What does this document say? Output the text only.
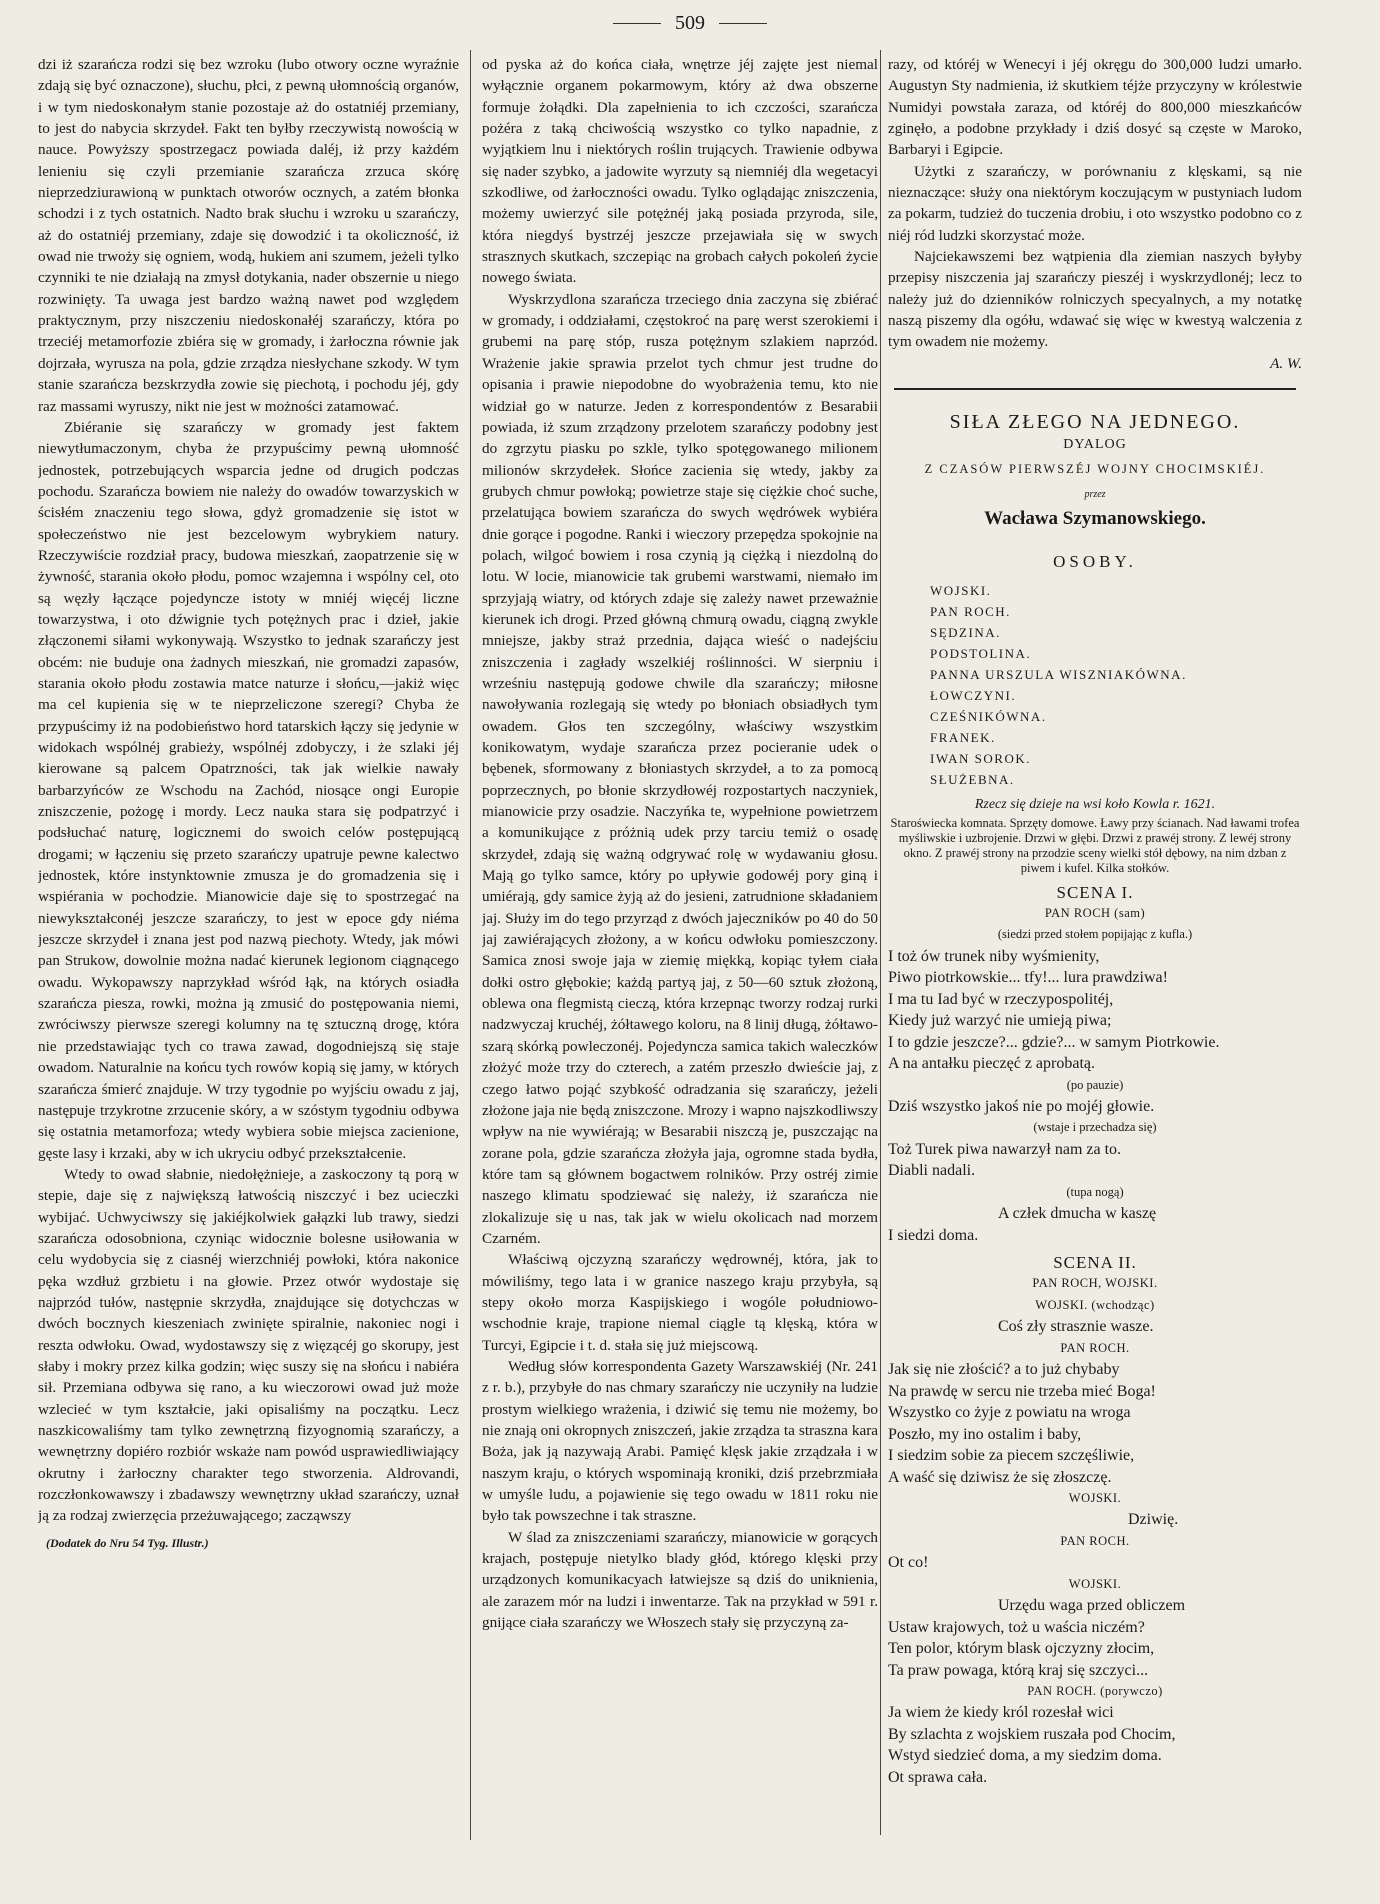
509

dzi iż szarańcza rodzi się bez wzroku (lubo otwory oczne wyraźnie zdają się być oznaczone), słuchu, płci, z pewną ułomnością organów, i w tym niedoskonałym stanie pozostaje aż do ostatniéj przemiany, to jest do nabycia skrzydeł. Fakt ten byłby rzeczywistą nowością w nauce. Powyższy spostrzegacz powiada daléj, iż przy każdém lenieniu się czyli przemianie szarańcza zrzuca skórę nieprzedziurawioną w punktach otworów ocznych, a zatém błonka schodzi i z tych ostatnich. Nadto brak słuchu i wzroku u szarańczy, aż do ostatniéj przemiany, zdaje się dowodzić i ta okoliczność, iż owad nie trwoży się ogniem, wodą, hukiem ani szumem, jeżeli tylko czynniki te nie działają na zmysł dotykania, nader obszernie u niego rozwinięty. Ta uwaga jest bardzo ważną nawet pod względem praktycznym, przy niszczeniu niedoskonałéj szarańczy, która po trzeciéj metamorfozie zbiéra się w gromady, i żarłoczna równie jak dojrzała, wyrusza na pola, gdzie zrządza niesłychane szkody. W tym stanie szarańcza bezskrzydła zowie się piechotą, i pochodu jéj, gdy raz massami wyruszy, nikt nie jest w możności zatamować.

Zbiéranie się szarańczy w gromady jest faktem niewytłumaczonym, chyba że przypuścimy pewną ułomność jednostek, potrzebujących wsparcia jedne od drugich podczas pochodu. Szarańcza bowiem nie należy do owadów towarzyskich w ścisłém znaczeniu tego słowa, gdyż gromadzenie się istot w społeczeństwo nie jest bezcelowym wybrykiem natury. Rzeczywiście rozdział pracy, budowa mieszkań, zaopatrzenie się w żywność, starania około płodu, pomoc wzajemna i wspólny cel, oto są węzły łączące pojedyncze istoty w mniéj więcéj liczne towarzystwa, i oto dźwignie tych potężnych prac i dzieł, jakie złączonemi siłami wykonywają. Wszystko to jednak szarańczy jest obcém: nie buduje ona żadnych mieszkań, nie gromadzi zapasów, starania około płodu zostawia matce naturze i słońcu,—jakiż więc ma cel kupienia się w te nieprzeliczone szeregi? Chyba że przypuścimy iż na podobieństwo hord tatarskich łączy się jedynie w widokach wspólnéj grabieży, wspólnéj zdobyczy, i że szlaki jéj kierowane są palcem Opatrzności, tak jak wielkie nawały barbarzyńców ze Wschodu na Zachód, niosące ongi Europie zniszczenie, pożogę i mordy. Lecz nauka stara się podpatrzyć i podsłuchać naturę, logicznemi do swoich celów postępującą drogami; w łączeniu się przeto szarańczy upatruje pewne kalectwo jednostek, które instynktownie zmusza je do gromadzenia się i wspiérania w pochodzie. Mianowicie daje się to spostrzegać na niewykształconéj jeszcze szarańczy, to jest w epoce gdy niéma jeszcze skrzydeł i znana jest pod nazwą piechoty. Wtedy, jak mówi pan Strukow, dowolnie można nadać kierunek legionom ciągnącego owadu. Wykopawszy naprzykład wśród łąk, na których osiadła szarańcza piesza, rowki, można ją zmusić do postępowania niemi, zwróciwszy pierwsze szeregi kolumny na tę sztuczną drogę, która nie przedstawiając tych co trawa zawad, dogodniejszą się staje owadom. Naturalnie na końcu tych rowów kopią się jamy, w których szarańcza śmierć znajduje. W trzy tygodnie po wyjściu owadu z jaj, następuje trzykrotne zrzucenie skóry, a w szóstym tygodniu odbywa się ostatnia metamorfoza; wtedy wybiera sobie miejsca zacienione, gęste lasy i krzaki, aby w ich ukryciu odbyć przekształcenie.

Wtedy to owad słabnie, niedołężnieje, a zaskoczony tą porą w stepie, daje się z największą łatwością niszczyć i bez ucieczki wybijać. Uchwyciwszy się jakiéjkolwiek gałązki lub trawy, siedzi szarańcza odosobniona, czyniąc widocznie bolesne usiłowania w celu wydobycia się z ciasnéj wierzchniéj powłoki, która nakonice pęka wzdłuż grzbietu i na głowie. Przez otwór wydostaje się najprzód tułów, następnie skrzydła, znajdujące się dotychczas w dwóch bocznych kieszeniach zwinięte spiralnie, nakoniec nogi i reszta odwłoku. Owad, wydostawszy się z więzącéj go skorupy, jest słaby i mokry przez kilka godzin; więc suszy się na słońcu i nabiéra sił. Przemiana odbywa się rano, a ku wieczorowi owad już może wzlecieć w tym kształcie, jaki opisaliśmy na początku. Lecz naszkicowaliśmy tam tylko zewnętrzną fizyognomią szarańczy, a wewnętrzny dopiéro rozbiór wskaże nam powód usprawiedliwiający okrutny i żarłoczny charakter tego stworzenia. Aldrovandi, rozczłonkowawszy i zbadawszy wewnętrzny układ szarańczy, uznał ją za rodzaj zwierzęcia przeżuwającego; zacząwszy

(Dodatek do Nru 54 Tyg. Illustr.)

od pyska aż do końca ciała, wnętrze jéj zajęte jest niemal wyłącznie organem pokarmowym, który aż dwa obszerne formuje żołądki. Dla zapełnienia to ich czczości, szarańcza pożéra z taką chciwością wszystko co tylko napadnie, z wyjątkiem lnu i niektórych roślin trujących. Trawienie odbywa się nader szybko, a jadowite wyrzuty są niemniéj dla wegetacyi szkodliwe, od żarłoczności owadu. Tylko oglądając zniszczenia, możemy uwierzyć sile potężnéj jaką posiada przyroda, sile, która niegdyś bystrzéj jeszcze przejawiała się w swych strasznych skutkach, szczepiąc na grobach całych pokoleń życie nowego świata.

Wyskrzydlona szarańcza trzeciego dnia zaczyna się zbiérać w gromady, i oddziałami, częstokroć na parę werst szerokiemi i grubemi na parę stóp, rusza potężnym szlakiem naprzód. Wrażenie jakie sprawia przelot tych chmur jest trudne do opisania i prawie niepodobne do wyobrażenia temu, kto nie widział go w naturze. Jeden z korrespondentów z Besarabii powiada, iż szum zrządzony przelotem szarańczy podobny jest do zgrzytu piasku po szkle, tylko spotęgowanego milionem milionów skrzydełek. Słońce zacienia się wtedy, jakby za grubych chmur powłoką; powietrze staje się ciężkie choć suche, przelatująca bowiem szarańcza do swych wędrówek wybiéra dnie gorące i pogodne. Ranki i wieczory przepędza spokojnie na polach, wilgoć bowiem i rosa czynią ją ciężką i niezdolną do lotu. W locie, mianowicie tak grubemi warstwami, niemało im sprzyjają wiatry, od których zdaje się zależy nawet przeważnie kierunek ich drogi. Przed główną chmurą owadu, ciągną zwykle mniejsze, jakby straż przednia, dająca wieść o nadejściu zniszczenia i zagłady wszelkiéj roślinności. W sierpniu i wrześniu następują godowe chwile dla szarańczy; miłosne nawoływania rozlegają się wtedy po błoniach obsiadłych tym owadem. Głos ten szczególny, właściwy wszystkim konikowatym, wydaje szarańcza przez pocieranie udek o bębenek, sformowany z błoniastych skrzydeł, a to za pomocą poprzecznych, po błonie skrzydłowéj rozpostartych naczyniek, mianowicie przy osadzie. Naczyńka te, wypełnione powietrzem a komunikujące z próżnią udek przy tarciu temiż o osadę skrzydeł, zdają się ważną odgrywać rolę w wydawaniu głosu. Mają go tylko samce, który po upływie godowéj pory giną i umiérają, gdy samice żyją aż do jesieni, zatrudnione składaniem jaj. Służy im do tego przyrząd z dwóch jajeczników po 40 do 50 jaj zawiérających złożony, a w końcu odwłoku pomieszczony. Samica znosi swoje jaja w ziemię miękką, kopiąc tyłem ciała dołki ostro głębokie; każdą partyą jaj, z 50—60 sztuk złożoną, oblewa ona flegmistą cieczą, która krzepnąc tworzy rodzaj rurki nadzwyczaj kruchéj, żółtawego koloru, na 8 linij długą, żółtawo-szarą skórką powleczonéj. Pojedyncza samica takich waleczków złożyć może trzy do czterech, a zatém przeszło dwieście jaj, z czego łatwo pojąć szybkość odradzania się szarańczy, jeżeli złożone jaja nie będą zniszczone. Mrozy i wapno najszkodliwszy wpływ na nie wywiérają; w Besarabii niszczą je, puszczając na zorane pola, gdzie szarańcza złożyła jaja, ogromne stada bydła, które tam są głównem bogactwem rolników. Przy ostréj zimie naszego klimatu spodziewać się należy, iż szarańcza nie zlokalizuje się u nas, tak jak w wielu okolicach nad morzem Czarném.

Właściwą ojczyzną szarańczy wędrownéj, która, jak to mówiliśmy, tego lata i w granice naszego kraju przybyła, są stepy około morza Kaspijskiego i wogóle południowo-wschodnie kraje, trapione niemal ciągle tą klęską, która w Turcyi, Egipcie i t. d. stała się już miejscową.

Według słów korrespondenta Gazety Warszawskiéj (Nr. 241 z r. b.), przybyłe do nas chmary szarańczy nie uczyniły na ludzie prostym wielkiego wrażenia, i dziwić się temu nie możemy, bo nie znają oni okropnych zniszczeń, jakie zrządza ta straszna kara Boża, jak ją nazywają Arabi. Pamięć klęsk jakie zrządzała i w naszym kraju, o których wspominają kroniki, dziś przebrzmiała w umyśle ludu, a pojawienie się tego owadu w 1811 roku nie było tak powszechne i tak straszne.

W ślad za zniszczeniami szarańczy, mianowicie w gorących krajach, postępuje nietylko blady głód, którego klęski przy urządzonych komunikacyach łatwiejsze są dziś do uniknienia, ale zarazem mór na ludzi i inwentarze. Tak na przykład w 591 r. gnijące ciała szarańczy we Włoszech stały się przyczyną za-

razy, od któréj w Wenecyi i jéj okręgu do 300,000 ludzi umarło. Augustyn Sty nadmienia, iż skutkiem téjże przyczyny w królestwie Numidyi powstała zaraza, od któréj do 800,000 mieszkańców zginęło, a podobne przykłady i dziś dosyć są częste w Maroko, Barbaryi i Egipcie.

Użytki z szarańczy, w porównaniu z klęskami, są nie nieznaczące: służy ona niektórym koczującym w pustyniach ludom za pokarm, tudzież do tuczenia drobiu, i oto wszystko podobno co z niéj ród ludzki skorzystać może.

Najciekawszemi bez wątpienia dla ziemian naszych byłyby przepisy niszczenia jaj szarańczy pieszéj i wyskrzydlonéj; lecz to należy już do dzienników rolniczych specyalnych, a my notatkę naszą piszemy dla ogółu, wdawać się więc w kwestyą walczenia z tym owadem nie możemy.

A. W.
SIŁA ZŁEGO NA JEDNEGO.
DYALOG
Z CZASÓW PIERWSZÉJ WOJNY CHOCIMSKIÉJ.
przez
Wacława Szymanowskiego.
OSOBY.
WOJSKI.
PAN ROCH.
SĘDZINA.
PODSTOLINA.
PANNA URSZULA WISZNIAKÓWNA.
ŁOWCZYNI.
CZEŚNIKÓWNA.
FRANEK.
IWAN SOROK.
SŁUŻEBNA.
Rzecz się dzieje na wsi koło Kowla r. 1621.
Staroświecka komnata. Sprzęty domowe. Ławy przy ścianach. Nad ławami trofea myśliwskie i uzbrojenie. Drzwi w głębi. Drzwi z prawéj strony. Z lewéj strony okno. Z prawéj strony na przodzie sceny wielki stół dębowy, na nim dzban z piwem i kufel. Kilka stołków.
SCENA I.
PAN ROCH (sam)
(siedzi przed stołem popijając z kufla.)
I toż ów trunek niby wyśmienity,
Piwo piotrkowskie... tfy!... lura prawdziwa!
I ma tu Iad być w rzeczypospolitéj,
Kiedy już warzyć nie umieją piwa;
I to gdzie jeszcze?... gdzie?... w samym Piotrkowie.
A na antałku pieczęć z aprobatą.
(po pauzie)
Dziś wszystko jakoś nie po mojéj głowie.
(wstaje i przechadza się)
Toż Turek piwa nawarzył nam za to.
Diabli nadali.
(tupa nogą)
A człek dmucha w kaszę
I siedzi doma.
SCENA II.
PAN ROCH, WOJSKI.
WOJSKI. (wchodząc)
Coś zły strasznie wasze.
PAN ROCH.
Jak się nie złościć? a to już chybaby
Na prawdę w sercu nie trzeba mieć Boga!
Wszystko co żyje z powiatu na wroga
Poszło, my ino ostalim i baby,
I siedzim sobie za piecem szczęśliwie,
A waść się dziwisz że się złoszczę.
WOJSKI.
Dziwię.
PAN ROCH.
Ot co!
WOJSKI.
Urzędu waga przed obliczem
Ustaw krajowych, toż u waścia niczém?
Ten polor, którym blask ojczyzny złocim,
Ta praw powaga, którą kraj się szczyci...
PAN ROCH. (porywczo)
Ja wiem że kiedy król rozesłał wici
By szlachta z wojskiem ruszała pod Chocim,
Wstyd siedzieć doma, a my siedzim doma.
Ot sprawa cała.
